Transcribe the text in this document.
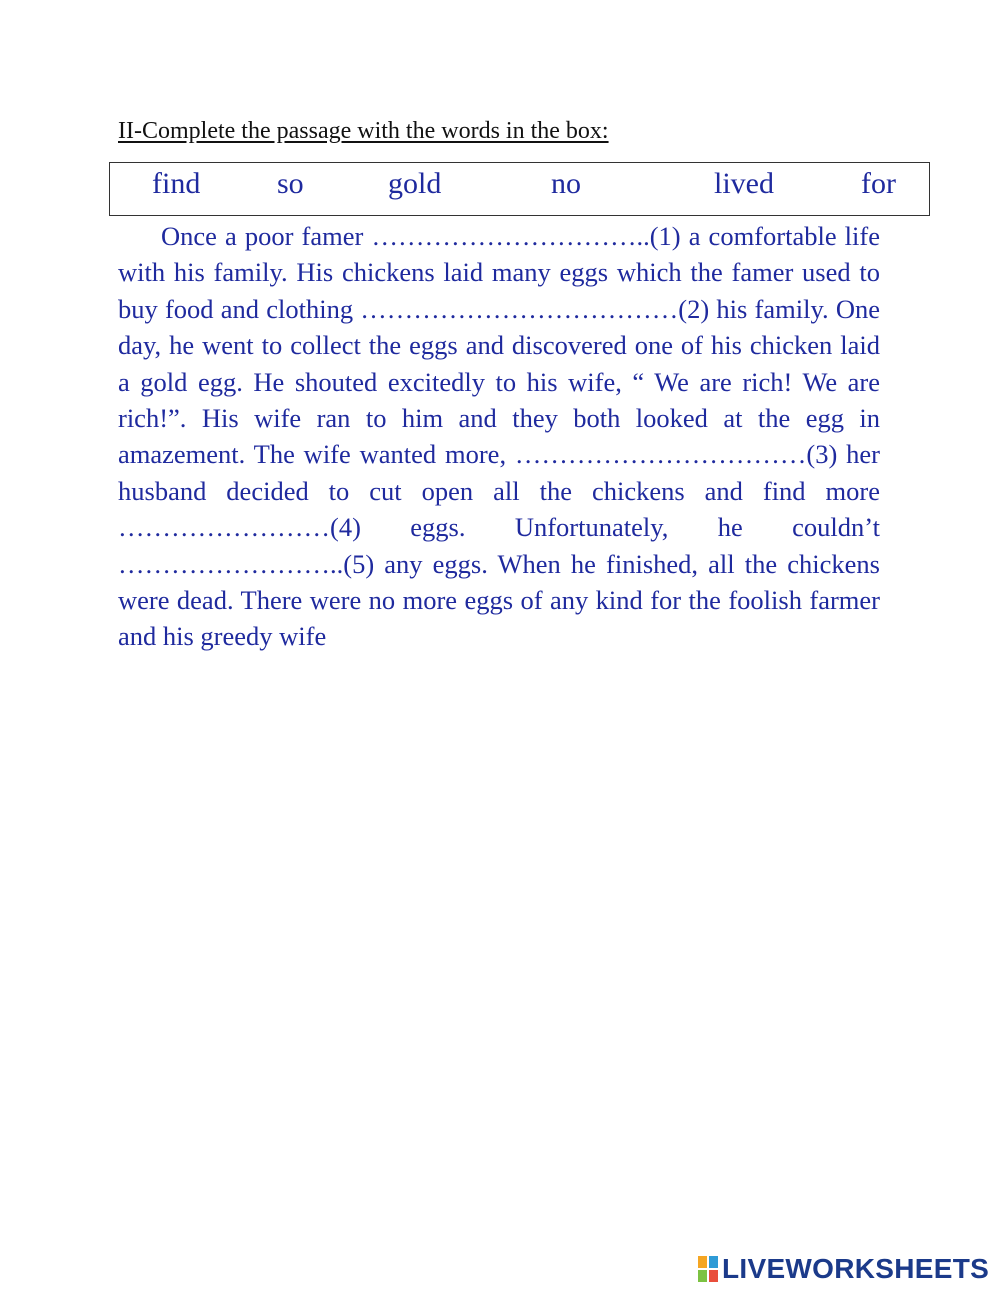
II-Complete the passage with the words in the box:
find	so	gold	no	lived	for

Once a poor famer …………………………..(1) a comfortable life with his family. His chickens laid many eggs which the famer used to buy food and clothing ………………………………(2) his family. One day, he went to collect the eggs and discovered one of his chicken laid a gold egg. He shouted excitedly to his wife, “ We are rich! We are rich!”. His wife ran to him and they both looked at the egg in amazement. The wife wanted more, ……………………………(3) her husband decided to cut open all the chickens and find more ……………………(4) eggs. Unfortunately, he couldn’t ……………………..(5) any eggs. When he finished, all the chickens were dead. There were no more eggs of any kind for the foolish farmer and his greedy wife

LIVEWORKSHEETS
